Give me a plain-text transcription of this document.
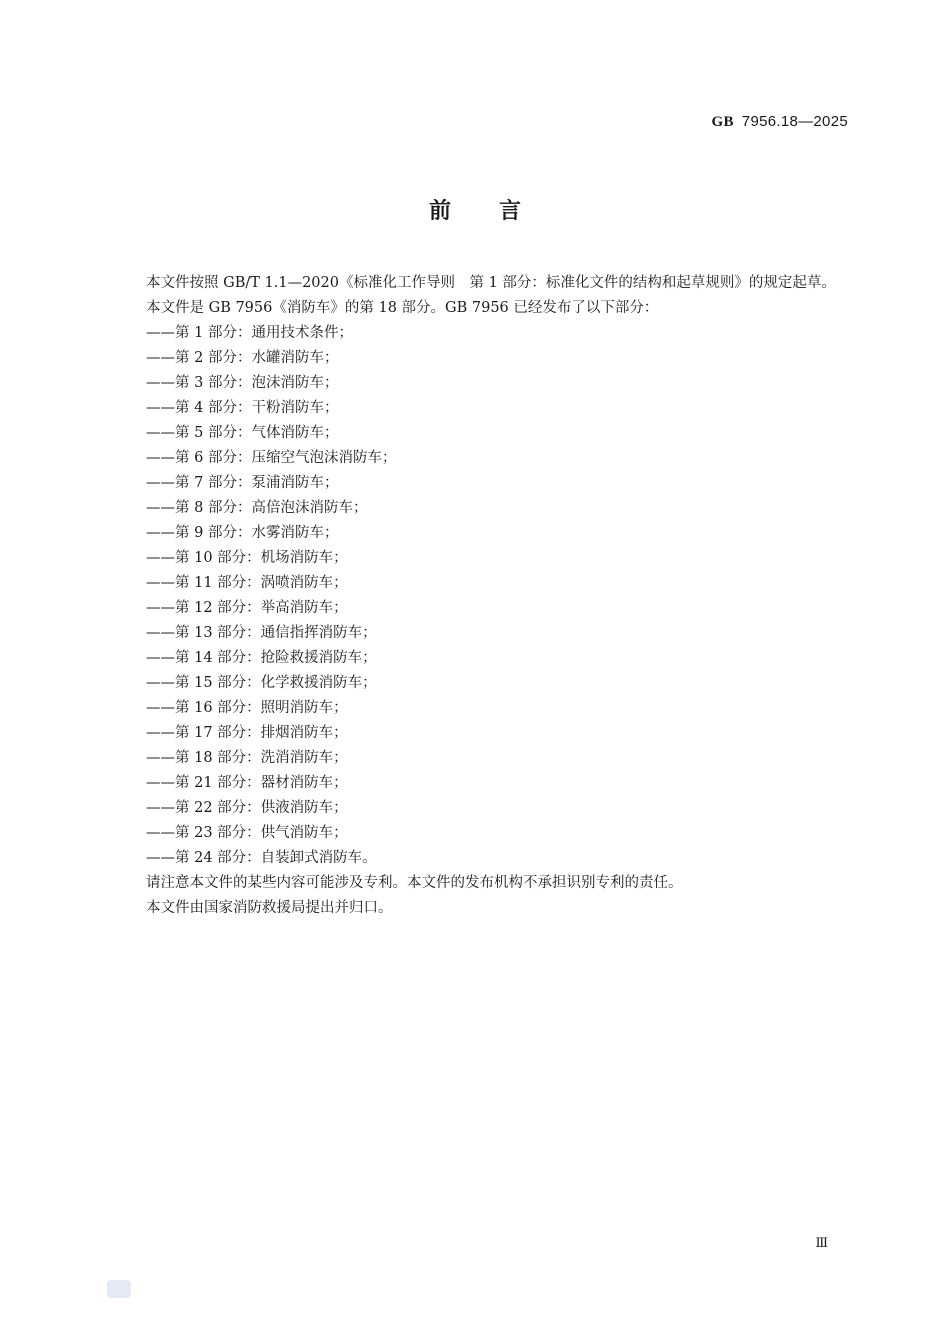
GB 7956.18—2025
前 言

本文件按照 GB/T 1.1—2020《标准化工作导则　第 1 部分：标准化文件的结构和起草规则》的规定起草。

本文件是 GB 7956《消防车》的第 18 部分。GB 7956 已经发布了以下部分：

——第 1 部分：通用技术条件；

——第 2 部分：水罐消防车；

——第 3 部分：泡沫消防车；

——第 4 部分：干粉消防车；

——第 5 部分：气体消防车；

——第 6 部分：压缩空气泡沫消防车；

——第 7 部分：泵浦消防车；

——第 8 部分：高倍泡沫消防车；

——第 9 部分：水雾消防车；

——第 10 部分：机场消防车；

——第 11 部分：涡喷消防车；

——第 12 部分：举高消防车；

——第 13 部分：通信指挥消防车；

——第 14 部分：抢险救援消防车；

——第 15 部分：化学救援消防车；

——第 16 部分：照明消防车；

——第 17 部分：排烟消防车；

——第 18 部分：洗消消防车；

——第 21 部分：器材消防车；

——第 22 部分：供液消防车；

——第 23 部分：供气消防车；

——第 24 部分：自装卸式消防车。

请注意本文件的某些内容可能涉及专利。本文件的发布机构不承担识别专利的责任。

本文件由国家消防救援局提出并归口。

Ⅲ
